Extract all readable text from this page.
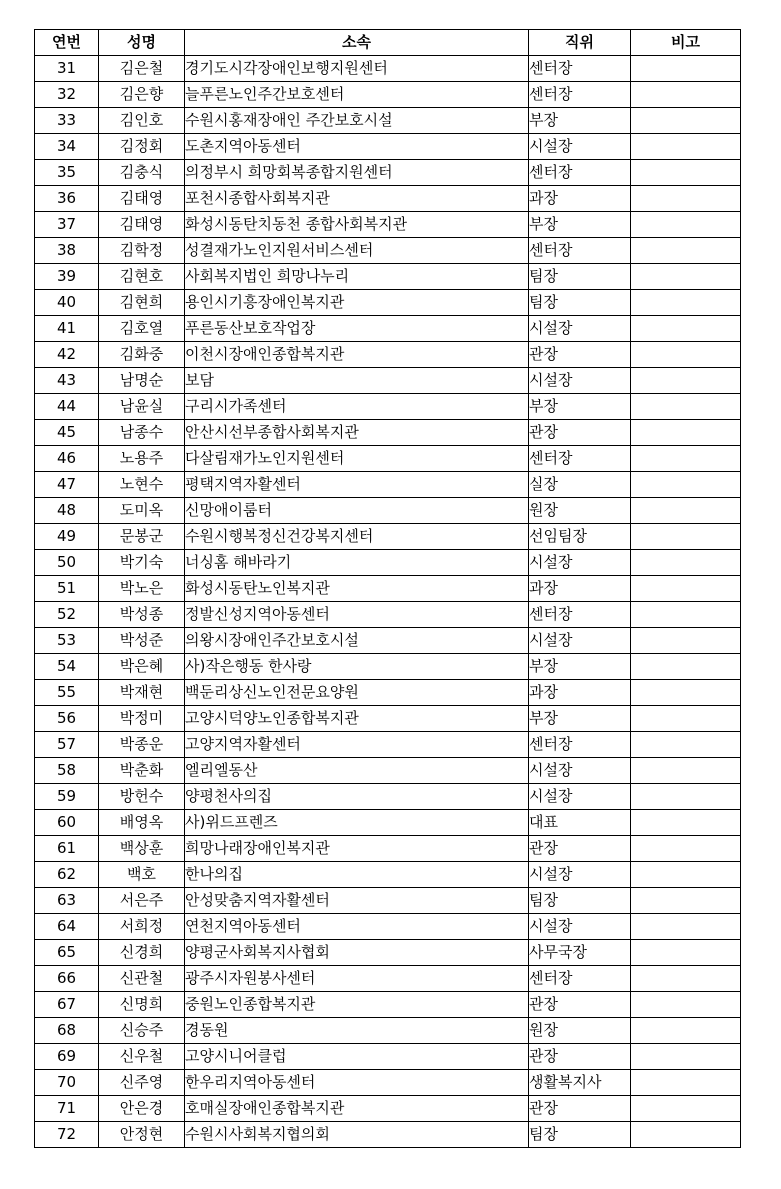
연번	성명	소속	직위	비고
31	김은철	경기도시각장애인보행지원센터	센터장	
32	김은향	늘푸른노인주간보호센터	센터장	
33	김인호	수원시홍재장애인 주간보호시설	부장	
34	김정회	도촌지역아동센터	시설장	
35	김충식	의정부시 희망회복종합지원센터	센터장	
36	김태영	포천시종합사회복지관	과장	
37	김태영	화성시동탄치동천 종합사회복지관	부장	
38	김학정	성결재가노인지원서비스센터	센터장	
39	김현호	사회복지법인 희망나누리	팀장	
40	김현희	용인시기흥장애인복지관	팀장	
41	김호열	푸른동산보호작업장	시설장	
42	김화중	이천시장애인종합복지관	관장	
43	남명순	보담	시설장	
44	남윤실	구리시가족센터	부장	
45	남종수	안산시선부종합사회복지관	관장	
46	노용주	다살림재가노인지원센터	센터장	
47	노현수	평택지역자활센터	실장	
48	도미옥	신망애이룸터	원장	
49	문봉군	수원시행복정신건강복지센터	선임팀장	
50	박기숙	너싱홈 해바라기	시설장	
51	박노은	화성시동탄노인복지관	과장	
52	박성종	정발신성지역아동센터	센터장	
53	박성준	의왕시장애인주간보호시설	시설장	
54	박은혜	사)작은행동 한사랑	부장	
55	박재현	백둔리상신노인전문요양원	과장	
56	박정미	고양시덕양노인종합복지관	부장	
57	박종운	고양지역자활센터	센터장	
58	박춘화	엘리엘동산	시설장	
59	방헌수	양평천사의집	시설장	
60	배영옥	사)위드프렌즈	대표	
61	백상훈	희망나래장애인복지관	관장	
62	백호	한나의집	시설장	
63	서은주	안성맞춤지역자활센터	팀장	
64	서희정	연천지역아동센터	시설장	
65	신경희	양평군사회복지사협회	사무국장	
66	신관철	광주시자원봉사센터	센터장	
67	신명희	중원노인종합복지관	관장	
68	신승주	경동원	원장	
69	신우철	고양시니어클럽	관장	
70	신주영	한우리지역아동센터	생활복지사	
71	안은경	호매실장애인종합복지관	관장	
72	안정현	수원시사회복지협의회	팀장	
